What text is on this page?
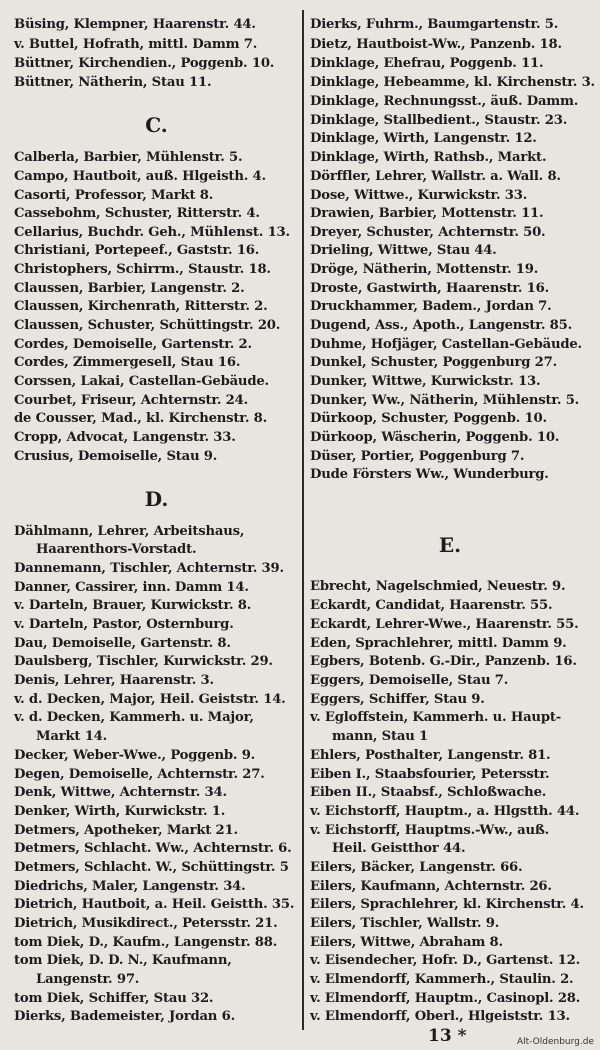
Büsing, Klempner, Haarenstr. 44.
v. Buttel, Hofrath, mittl. Damm 7.
Büttner, Kirchendien., Poggenb. 10.
Büttner, Nätherin, Stau 11.
C.
Calberla, Barbier, Mühlenstr. 5.
Campo, Hautboit, auß. Hlgeisth. 4.
Casorti, Professor, Markt 8.
Cassebohm, Schuster, Ritterstr. 4.
Cellarius, Buchdr. Geh., Mühlenst. 13.
Christiani, Portepeef., Gaststr. 16.
Christophers, Schirrm., Staustr. 18.
Claussen, Barbier, Langenstr. 2.
Claussen, Kirchenrath, Ritterstr. 2.
Claussen, Schuster, Schüttingstr. 20.
Cordes, Demoiselle, Gartenstr. 2.
Cordes, Zimmergesell, Stau 16.
Corssen, Lakai, Castellan-Gebäude.
Courbet, Friseur, Achternstr. 24.
de Cousser, Mad., kl. Kirchenstr. 8.
Cropp, Advocat, Langenstr. 33.
Crusius, Demoiselle, Stau 9.
D.
Dählmann, Lehrer, Arbeitshaus,
Haarenthors-Vorstadt.
Dannemann, Tischler, Achternstr. 39.
Danner, Cassirer, inn. Damm 14.
v. Darteln, Brauer, Kurwickstr. 8.
v. Darteln, Pastor, Osternburg.
Dau, Demoiselle, Gartenstr. 8.
Daulsberg, Tischler, Kurwickstr. 29.
Denis, Lehrer, Haarenstr. 3.
v. d. Decken, Major, Heil. Geiststr. 14.
v. d. Decken, Kammerh. u. Major,
Markt 14.
Decker, Weber-Wwe., Poggenb. 9.
Degen, Demoiselle, Achternstr. 27.
Denk, Wittwe, Achternstr. 34.
Denker, Wirth, Kurwickstr. 1.
Detmers, Apotheker, Markt 21.
Detmers, Schlacht. Ww., Achternstr. 6.
Detmers, Schlacht. W., Schüttingstr. 5
Diedrichs, Maler, Langenstr. 34.
Dietrich, Hautboit, a. Heil. Geistth. 35.
Dietrich, Musikdirect., Petersstr. 21.
tom Diek, D., Kaufm., Langenstr. 88.
tom Diek, D. D. N., Kaufmann,
Langenstr. 97.
tom Diek, Schiffer, Stau 32.
Dierks, Bademeister, Jordan 6.
Dierks, Fuhrm., Baumgartenstr. 5.
Dietz, Hautboist-Ww., Panzenb. 18.
Dinklage, Ehefrau, Poggenb. 11.
Dinklage, Hebeamme, kl. Kirchenstr. 3.
Dinklage, Rechnungsst., äuß. Damm.
Dinklage, Stallbedient., Staustr. 23.
Dinklage, Wirth, Langenstr. 12.
Dinklage, Wirth, Rathsb., Markt.
Dörffler, Lehrer, Wallstr. a. Wall. 8.
Dose, Wittwe., Kurwickstr. 33.
Drawien, Barbier, Mottenstr. 11.
Dreyer, Schuster, Achternstr. 50.
Drieling, Wittwe, Stau 44.
Dröge, Nätherin, Mottenstr. 19.
Droste, Gastwirth, Haarenstr. 16.
Druckhammer, Badem., Jordan 7.
Dugend, Ass., Apoth., Langenstr. 85.
Duhme, Hofjäger, Castellan-Gebäude.
Dunkel, Schuster, Poggenburg 27.
Dunker, Wittwe, Kurwickstr. 13.
Dunker, Ww., Nätherin, Mühlenstr. 5.
Dürkoop, Schuster, Poggenb. 10.
Dürkoop, Wäscherin, Poggenb. 10.
Düser, Portier, Poggenburg 7.
Dude Försters Ww., Wunderburg.
E.
Ebrecht, Nagelschmied, Neuestr. 9.
Eckardt, Candidat, Haarenstr. 55.
Eckardt, Lehrer-Wwe., Haarenstr. 55.
Eden, Sprachlehrer, mittl. Damm 9.
Egbers, Botenb. G.-Dir., Panzenb. 16.
Eggers, Demoiselle, Stau 7.
Eggers, Schiffer, Stau 9.
v. Egloffstein, Kammerh. u. Haupt-
mann, Stau 1
Ehlers, Posthalter, Langenstr. 81.
Eiben I., Staabsfourier, Petersstr.
Eiben II., Staabsf., Schloßwache.
v. Eichstorff, Hauptm., a. Hlgstth. 44.
v. Eichstorff, Hauptms.-Ww., auß.
Heil. Geistthor 44.
Eilers, Bäcker, Langenstr. 66.
Eilers, Kaufmann, Achternstr. 26.
Eilers, Sprachlehrer, kl. Kirchenstr. 4.
Eilers, Tischler, Wallstr. 9.
Eilers, Wittwe, Abraham 8.
v. Eisendecher, Hofr. D., Gartenst. 12.
v. Elmendorff, Kammerh., Staulin. 2.
v. Elmendorff, Hauptm., Casinopl. 28.
v. Elmendorff, Oberl., Hlgeiststr. 13.
13 *	Alt-Oldenburg.de
